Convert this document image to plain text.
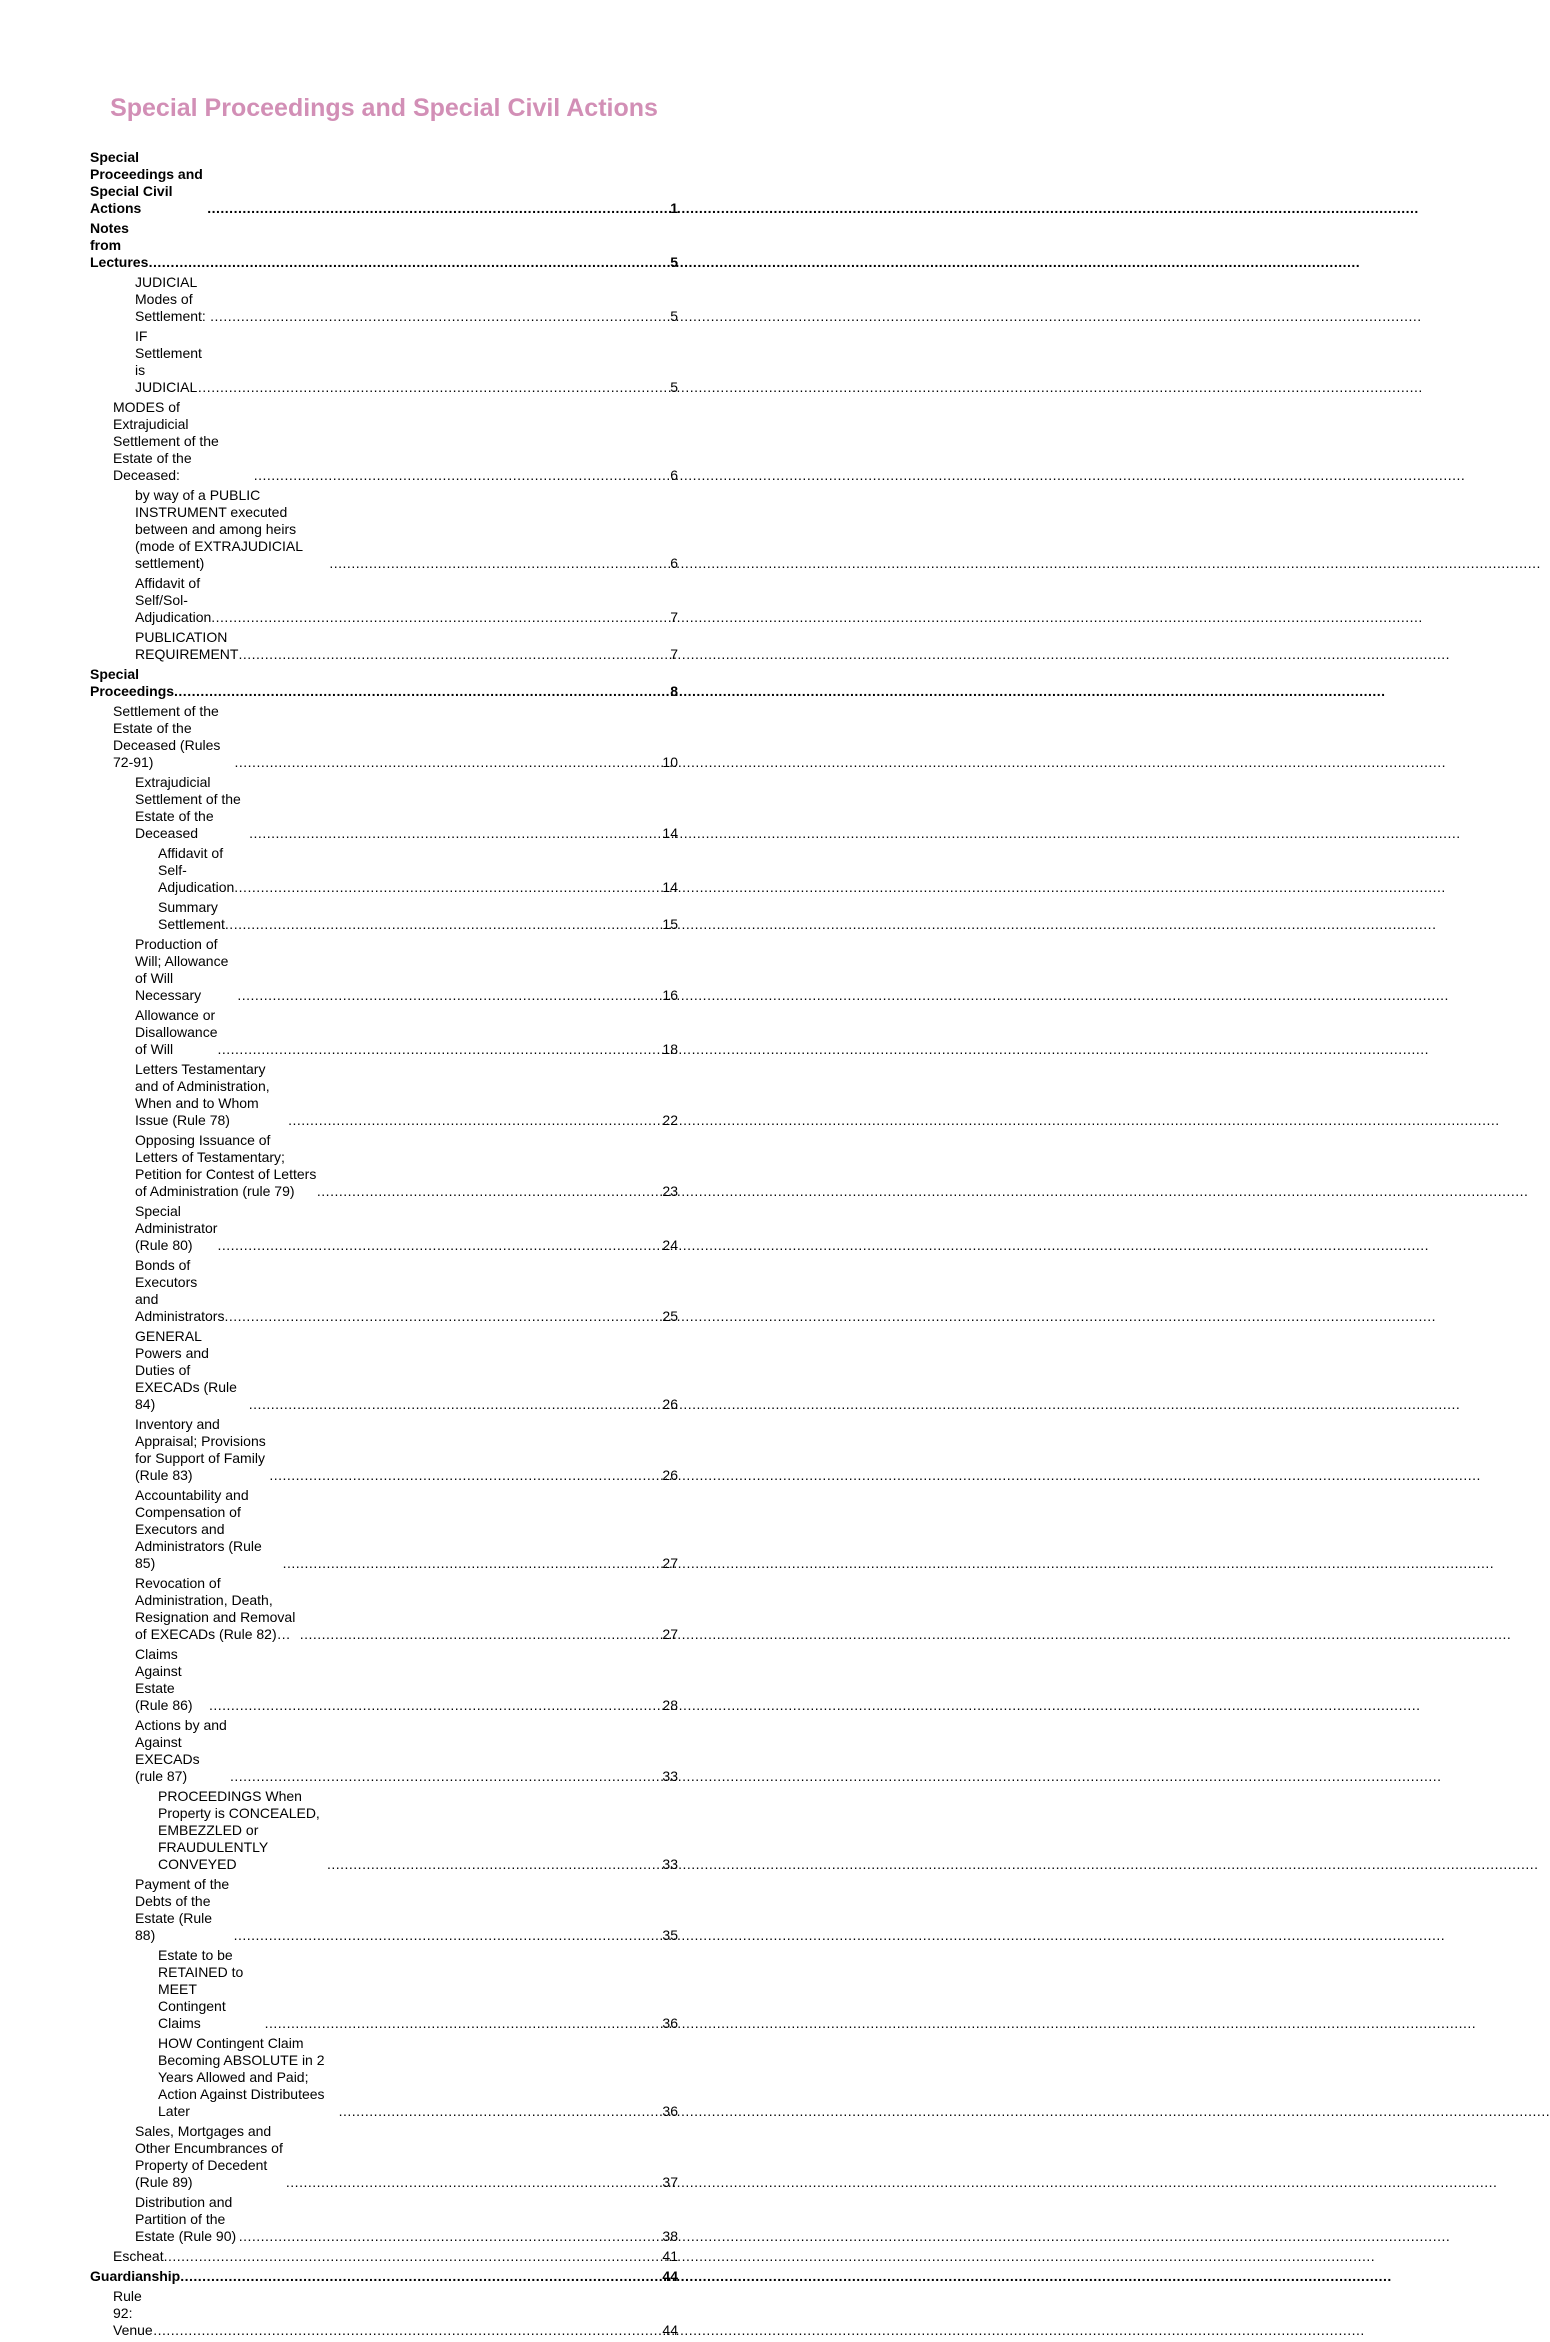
Special Proceedings and Special Civil Actions
Special Proceedings and Special Civil Actions .....	1
Notes from Lectures .....	5
JUDICIAL Modes of Settlement: .....	5
IF Settlement is JUDICIAL… .....	5
MODES of Extrajudicial Settlement of the Estate of the Deceased: .....	6
by way of a PUBLIC INSTRUMENT executed between and among heirs (mode of EXTRAJUDICIAL settlement) .....	6
Affidavit of Self/Sol-Adjudication .....	7
PUBLICATION REQUIREMENT .....	7
Special Proceedings .....	8
Settlement of the Estate of the Deceased (Rules 72-91) .....	10
Extrajudicial Settlement of the Estate of the Deceased .....	14
Affidavit of Self-Adjudication .....	14
Summary Settlement .....	15
Production of Will; Allowance of Will Necessary .....	16
Allowance or Disallowance of Will .....	18
Letters Testamentary and of Administration, When and to Whom Issue (Rule 78) .....	22
Opposing Issuance of Letters of Testamentary; Petition for Contest of Letters of Administration (rule 79) .....	23
Special Administrator (Rule 80) .....	24
Bonds of Executors and Administrators .....	25
GENERAL Powers and Duties of EXECADs (Rule 84) .....	26
Inventory and Appraisal; Provisions for Support of Family (Rule 83) .....	26
Accountability and Compensation of Executors and Administrators (Rule 85) .....	27
Revocation of Administration, Death, Resignation and Removal of EXECADs (Rule 82)… .....	27
Claims Against Estate (Rule 86) .....	28
Actions by and Against EXECADs (rule 87) .....	33
PROCEEDINGS When Property is CONCEALED, EMBEZZLED or FRAUDULENTLY CONVEYED .....	33
Payment of the Debts of the Estate (Rule 88) .....	35
Estate to be RETAINED to MEET Contingent Claims .....	36
HOW Contingent Claim Becoming ABSOLUTE in 2 Years Allowed and Paid; Action Against Distributees Later .....	36
Sales, Mortgages and Other Encumbrances of Property of Decedent (Rule 89) .....	37
Distribution and Partition of the Estate (Rule 90) .....	38
Escheat .....	41
Guardianship .....	44
Rule 92: Venue .....	44
